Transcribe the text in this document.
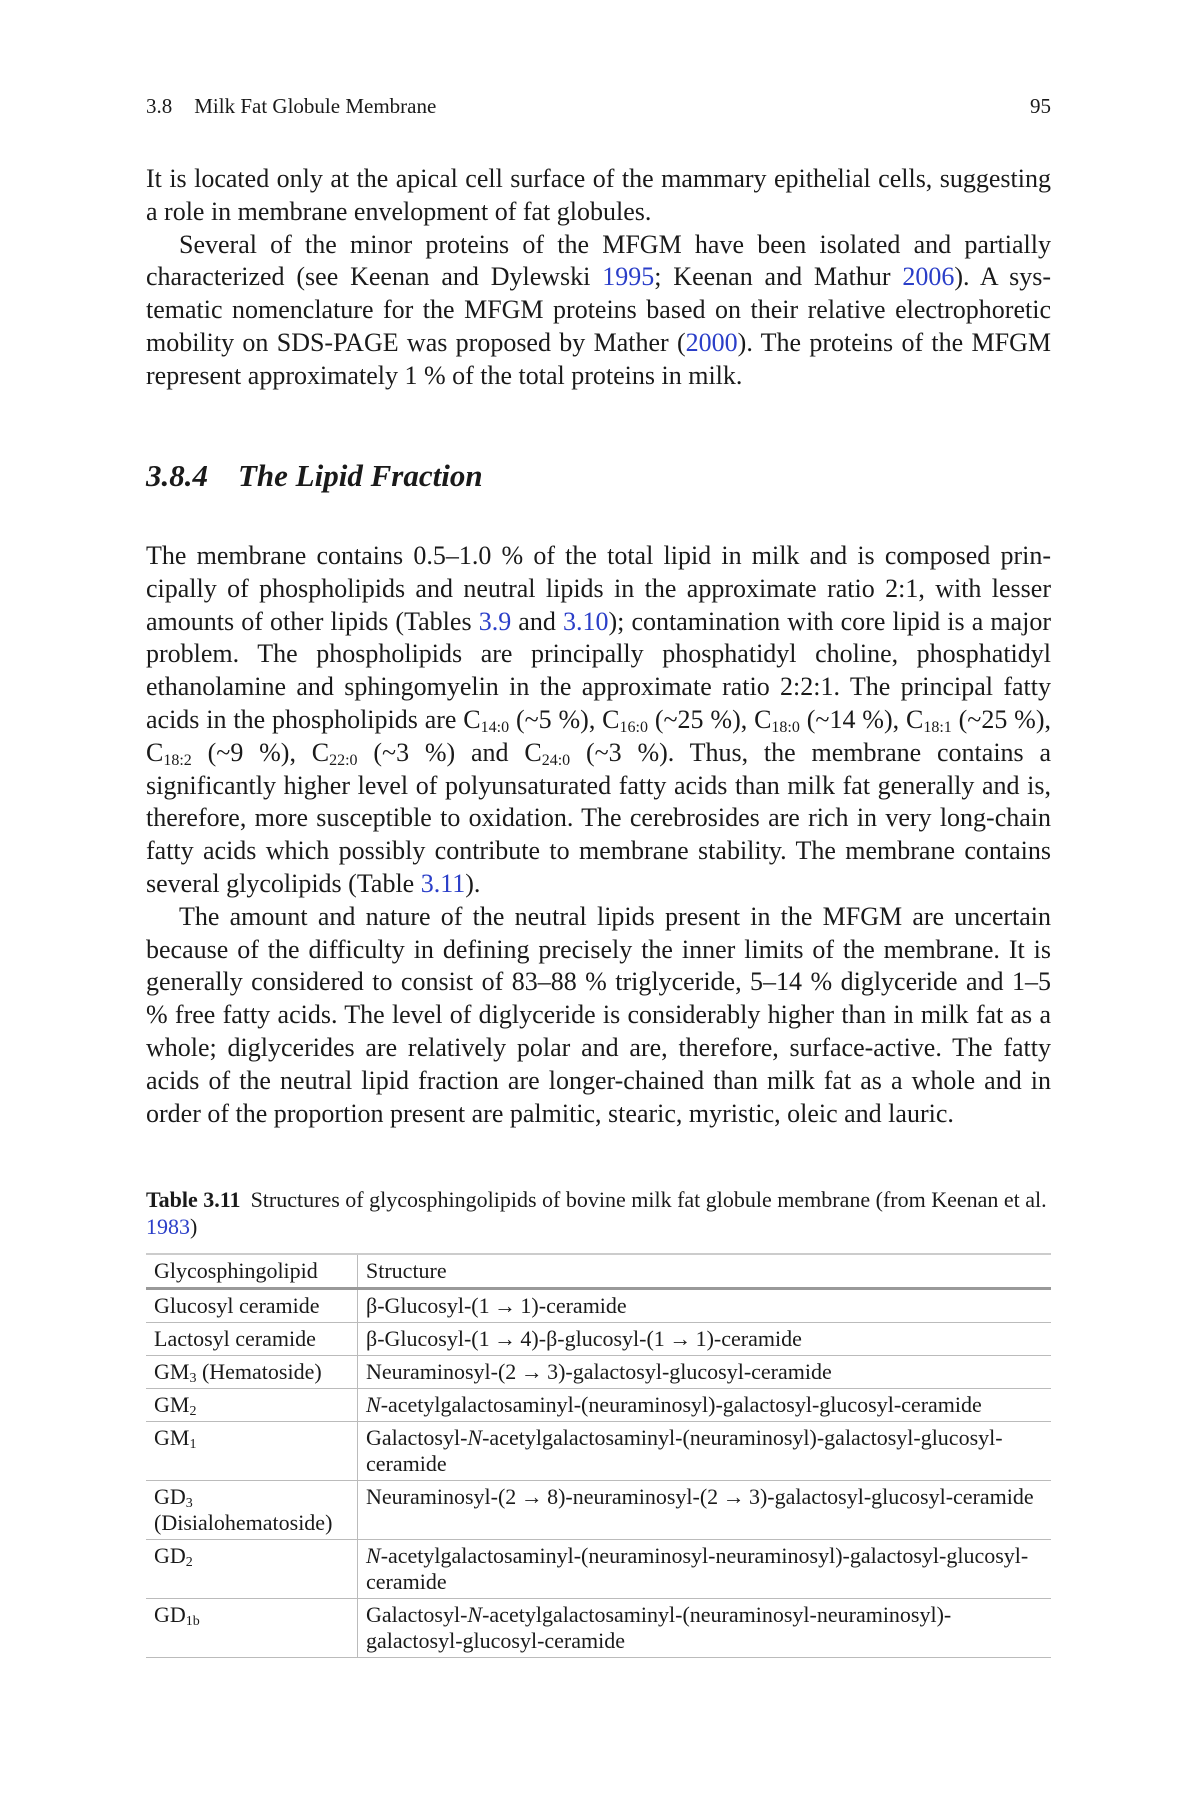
3.8 Milk Fat Globule Membrane	95

It is located only at the apical cell surface of the mammary epithelial cells, suggesting a role in membrane envelopment of fat globules.

Several of the minor proteins of the MFGM have been isolated and partially characterized (see Keenan and Dylewski 1995; Keenan and Mathur 2006). A systematic nomenclature for the MFGM proteins based on their relative electrophoretic mobility on SDS-PAGE was proposed by Mather (2000). The proteins of the MFGM represent approximately 1 % of the total proteins in milk.

3.8.4 The Lipid Fraction

The membrane contains 0.5–1.0 % of the total lipid in milk and is composed principally of phospholipids and neutral lipids in the approximate ratio 2:1, with lesser amounts of other lipids (Tables 3.9 and 3.10); contamination with core lipid is a major problem. The phospholipids are principally phosphatidyl choline, phosphatidyl ethanolamine and sphingomyelin in the approximate ratio 2:2:1. The principal fatty acids in the phospholipids are $C_{14:0}$ (~5 %), $C_{16:0}$ (~25 %), $C_{18:0}$ (~14 %), $C_{18:1}$ (~25 %), $C_{18:2}$ (~9 %), $C_{22:0}$ (~3 %) and $C_{24:0}$ (~3 %). Thus, the membrane contains a significantly higher level of polyunsaturated fatty acids than milk fat generally and is, therefore, more susceptible to oxidation. The cerebrosides are rich in very long-chain fatty acids which possibly contribute to membrane stability. The membrane contains several glycolipids (Table 3.11).

The amount and nature of the neutral lipids present in the MFGM are uncertain because of the difficulty in defining precisely the inner limits of the membrane. It is generally considered to consist of 83–88 % triglyceride, 5–14 % diglyceride and 1–5 % free fatty acids. The level of diglyceride is considerably higher than in milk fat as a whole; diglycerides are relatively polar and are, therefore, surface-active. The fatty acids of the neutral lipid fraction are longer-chained than milk fat as a whole and in order of the proportion present are palmitic, stearic, myristic, oleic and lauric.

Table 3.11 Structures of glycosphingolipids of bovine milk fat globule membrane (from Keenan et al. 1983)
Glycosphingolipid	Structure
Glucosyl ceramide	β-Glucosyl-(1 → 1)-ceramide
Lactosyl ceramide	β-Glucosyl-(1 → 4)-β-glucosyl-(1 → 1)-ceramide
$GM_3$ (Hematoside)	Neuraminosyl-(2 → 3)-galactosyl-glucosyl-ceramide
$GM_2$	N-acetylgalactosaminyl-(neuraminosyl)-galactosyl-glucosyl-ceramide
$GM_1$	Galactosyl-N-acetylgalactosaminyl-(neuraminosyl)-galactosyl-glucosyl-ceramide
$GD_3$ (Disialohematoside)	Neuraminosyl-(2 → 8)-neuraminosyl-(2 → 3)-galactosyl-glucosyl-ceramide
$GD_2$	N-acetylgalactosaminyl-(neuraminosyl-neuraminosyl)-galactosyl-glucosyl-ceramide
$GD_{1b}$	Galactosyl-N-acetylgalactosaminyl-(neuraminosyl-neuraminosyl)-galactosyl-glucosyl-ceramide
